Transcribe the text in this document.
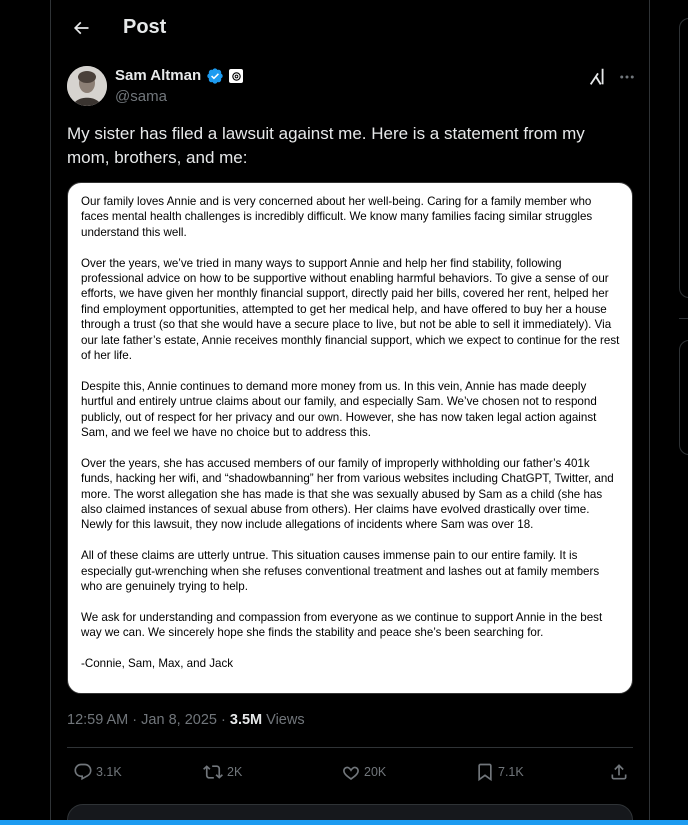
Post
Sam Altman
@sama
My sister has filed a lawsuit against me. Here is a statement from my mom, brothers, and me:

Our family loves Annie and is very concerned about her well-being. Caring for a family member who faces mental health challenges is incredibly difficult. We know many families facing similar struggles understand this well.

Over the years, we’ve tried in many ways to support Annie and help her find stability, following professional advice on how to be supportive without enabling harmful behaviors. To give a sense of our efforts, we have given her monthly financial support, directly paid her bills, covered her rent, helped her find employment opportunities, attempted to get her medical help, and have offered to buy her a house through a trust (so that she would have a secure place to live, but not be able to sell it immediately). Via our late father’s estate, Annie receives monthly financial support, which we expect to continue for the rest of her life.

Despite this, Annie continues to demand more money from us. In this vein, Annie has made deeply hurtful and entirely untrue claims about our family, and especially Sam. We’ve chosen not to respond publicly, out of respect for her privacy and our own. However, she has now taken legal action against Sam, and we feel we have no choice but to address this.

Over the years, she has accused members of our family of improperly withholding our father’s 401k funds, hacking her wifi, and “shadowbanning” her from various websites including ChatGPT, Twitter, and more. The worst allegation she has made is that she was sexually abused by Sam as a child (she has also claimed instances of sexual abuse from others). Her claims have evolved drastically over time. Newly for this lawsuit, they now include allegations of incidents where Sam was over 18.

All of these claims are utterly untrue. This situation causes immense pain to our entire family. It is especially gut-wrenching when she refuses conventional treatment and lashes out at family members who are genuinely trying to help.

We ask for understanding and compassion from everyone as we continue to support Annie in the best way we can. We sincerely hope she finds the stability and peace she’s been searching for.

-Connie, Sam, Max, and Jack

12:59 AM · Jan 8, 2025 · 3.5M Views
3.1K	2K	20K	7.1K
